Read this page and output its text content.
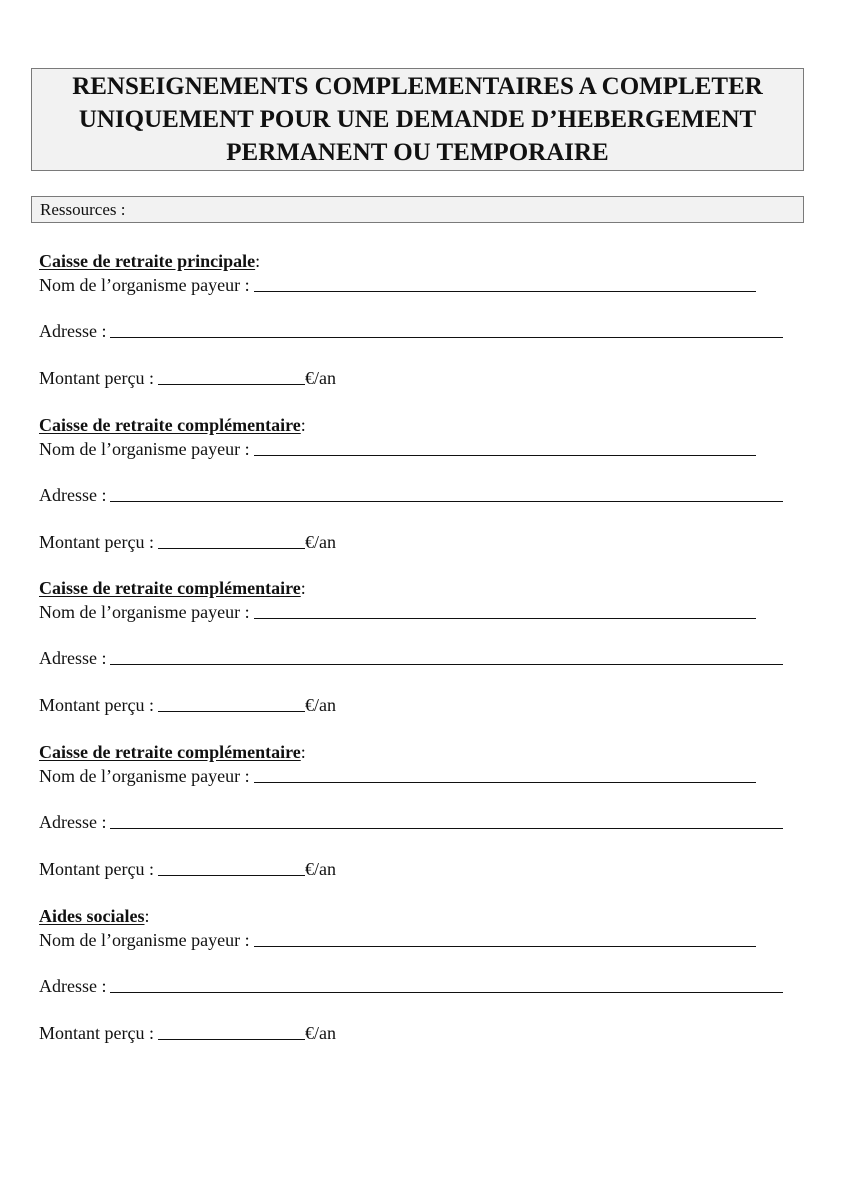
RENSEIGNEMENTS COMPLEMENTAIRES A COMPLETER
UNIQUEMENT POUR UNE DEMANDE D’HEBERGEMENT
PERMANENT OU TEMPORAIRE
Ressources :
Caisse de retraite principale :
Nom de l’organisme payeur :
Adresse :
Montant perçu :	€/an
Caisse de retraite complémentaire :
Nom de l’organisme payeur :
Adresse :
Montant perçu :	€/an
Caisse de retraite complémentaire :
Nom de l’organisme payeur :
Adresse :
Montant perçu :	€/an
Caisse de retraite complémentaire :
Nom de l’organisme payeur :
Adresse :
Montant perçu :	€/an
Aides sociales :
Nom de l’organisme payeur :
Adresse :
Montant perçu :	€/an
